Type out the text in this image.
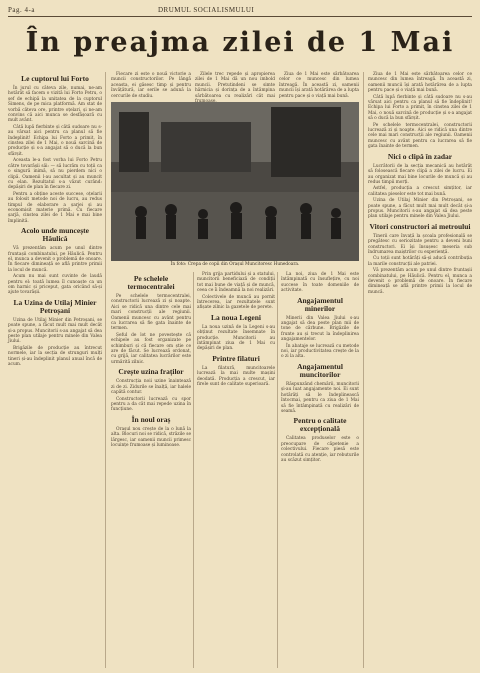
Pag. 4-a	DRUMUL SOCIALISMULUI
În preajma zilei de 1 Mai
Le cuptorul lui Forto

În jurul cu câteva zile, numai, ne-am hotărât să facem o vizită lui Forto Petru, o șef de echipă la unitatea de la cuptorul Simens, de pe mica platformă. Am stat de vorbă câteva ore, printre oțelari, și ne-am convins că aici munca se desfășoară cu mult avânt.

Câtă lupă fierbinte și câtă sudoare nu s-au vărsat aici pentru ca planul să fie îndeplinit! Echipa lui Forto a primit, în cinstea zilei de 1 Mai, o nouă sarcină de producție și s-a angajat să o ducă la bun sfârșit.

Aceasta le-a fost vorba lui Forto Petru către tovarășii săi: — să lucrăm cu toții ca o singură inimă, să nu pierdem nici o clipă. Oamenii l-au ascultat și au muncit cu elan. Rezultatul s-a văzut curând: depășiri de plan în fiecare zi.

Pentru a obține aceste succese, oțelarii au folosit metode noi de lucru, au redus timpul de elaborare a șarjei și au economisit materie primă. Cu fiecare șarjă, cinstea zilei de 1 Mai e mai bine împlinită.

Acolo unde muncește Hăulică

Vă prezentăm acum pe unul dintre fruntașii combinatului, pe Hăulică. Pentru el, munca a devenit o problemă de onoare. În fiecare dimineață se află printre primii la locul de muncă.

Acum nu mai sunt cuvinte de laudă pentru el: toată lumea îl cunoaște ca un om harnic și priceput, gata oricând să-și ajute tovarășii.

La Uzina de Utilaj Minier Petroșani

Uzina de Utilaj Minier din Petroșani, se poate spune, a făcut mult mai mult decât și-a propus. Muncitorii s-au angajat să dea peste plan utilaje pentru minele din Valea Jiului.

Brigăzile de producție au întrecut normele, iar la secția de strunguri mulți tineri și-au îndeplinit planul anual încă de acum.

Fiecare zi este o nouă victorie a muncii constructorilor. Pe lângă aceasta, ei găsesc timp și pentru învățătură, iar serile se adună la cercurile de studiu.

Zilele trec repede și apropierea zilei de 1 Mai dă un nou imbold muncii. Pretutindeni se simte hărnicia și dorința de a întâmpina sărbătoarea cu realizări cât mai

Ziua de 1 Mai este sărbătoarea celor ce muncesc din lumea întreagă. În această zi, oamenii muncii își arată hotărârea de a lupta pentru pace și o viață mai bună.

În foto: Crepa de copii din Orașul Muncitoresc Hunedoara.
Pe schelele termocentralei

Pe schelele termocentralei, constructorii lucrează zi și noapte. Aici se ridică una dintre cele mai mari construcții ale regiunii. Oamenii muncesc cu avânt pentru ca lucrarea să fie gata înainte de termen.

Șeful de lot ne povestește că echipele au fost organizate pe schimburi și că fiecare om știe ce are de făcut. Se lucrează ordonat, cu grijă, iar calitatea lucrărilor este urmărită zilnic.

Crește uzina fraților

Construcția noii uzine înaintează zi de zi. Zidurile se înalță, iar halele capătă contur.

Constructorii lucrează cu spor pentru a da cât mai repede uzina în funcțiune.

În noul oraș

Orașul nou crește de la o lună la alta. Blocuri noi se ridică, străzile se lărgesc, iar oamenii muncii primesc locuințe frumoase și luminoase.

Prin grija partidului și a statului, muncitorii beneficiază de condiții tot mai bune de viață și de muncă, ceea ce îi îndeamnă la noi realizări.

Colectivele de muncă au pornit întrecerea, iar rezultatele sunt afișate zilnic la gazetele de perete.

La noua Legeni

La noua uzină de la Legeni s-au obținut rezultate însemnate în producție. Muncitorii au întâmpinat ziua de 1 Mai cu depășiri de plan.

Printre filaturi

La filatură, muncitoarele lucrează la mai multe mașini deodată. Producția a crescut, iar firele sunt de calitate superioară.

La noi, ziua de 1 Mai este întâmpinată cu însuflețire, cu noi succese în toate domeniile de activitate.

Angajamentul minerilor

Minerii din Valea Jiului s-au angajat să dea peste plan mii de tone de cărbune. Brigăzile de frunte au și trecut la îndeplinirea angajamentelor.

În abataje se lucrează cu metode noi, iar productivitatea crește de la o zi la alta.

Angajamentul muncitorilor

Răspunzând chemării, muncitorii și-au luat angajamente noi. Ei sunt hotărâți să le îndeplinească întocmai, pentru ca ziua de 1 Mai să fie întâmpinată cu realizări de seamă.

Pentru o calitate excepțională

Calitatea produselor este o preocupare de căpetenie a colectivului. Fiecare piesă este controlată cu atenție, iar rebuturile au scăzut simțitor.

Ziua de 1 Mai este sărbătoarea celor ce muncesc din lumea întreagă. În această zi, oamenii muncii își arată hotărârea de a lupta pentru pace și o viață mai bună.

Câtă lupă fierbinte și câtă sudoare nu s-au vărsat aici pentru ca planul să fie îndeplinit! Echipa lui Forto a primit, în cinstea zilei de 1 Mai, o nouă sarcină de producție și s-a angajat să o ducă la bun sfârșit.

Pe schelele termocentralei, constructorii lucrează zi și noapte. Aici se ridică una dintre cele mai mari construcții ale regiunii. Oamenii muncesc cu avânt pentru ca lucrarea să fie gata înainte de termen.

Nici o clipă în zadar

Lucrătorii de la secția mecanică au hotărât să folosească fiecare clipă a zilei de lucru. Ei au organizat mai bine locurile de muncă și au redus timpii morți.

Astfel, producția a crescut simțitor, iar calitatea pieselor este tot mai bună.

Uzina de Utilaj Minier din Petroșani, se poate spune, a făcut mult mai mult decât și-a propus. Muncitorii s-au angajat să dea peste plan utilaje pentru minele din Valea Jiului.

Vitori constructori ai metroului

Tinerii care învață la școala profesională se pregătesc cu seriozitate pentru a deveni buni constructori. Ei își însușesc meseria sub îndrumarea maiștrilor cu experiență.

Cu toții sunt hotărâți să-și aducă contribuția la marile construcții ale patriei.

Vă prezentăm acum pe unul dintre fruntașii combinatului, pe Hăulică. Pentru el, munca a devenit o problemă de onoare. În fiecare dimineață se află printre primii la locul de muncă.
